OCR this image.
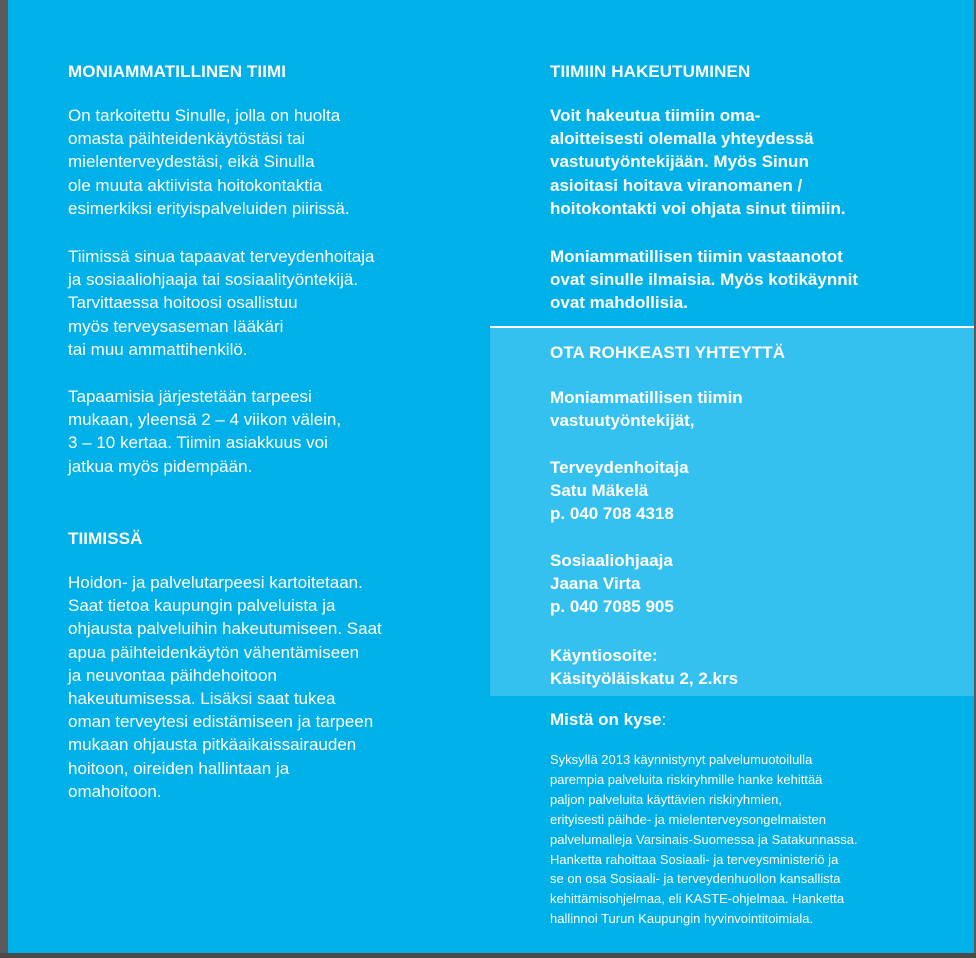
MONIAMMATILLINEN TIIMI
On tarkoitettu Sinulle, jolla on huolta
omasta päihteidenkäytöstäsi tai
mielenterveydestäsi, eikä Sinulla
ole muuta aktiivista hoitokontaktia
esimerkiksi erityispalveluiden piirissä.
Tiimissä sinua tapaavat terveydenhoitaja
ja sosiaaliohjaaja tai sosiaalityöntekijä.
Tarvittaessa hoitoosi osallistuu
myös terveysaseman lääkäri
tai muu ammattihenkilö.
Tapaamisia järjestetään tarpeesi
mukaan, yleensä 2 – 4 viikon välein,
3 – 10 kertaa. Tiimin asiakkuus voi
jatkua myös pidempään.
TIIMISSÄ
Hoidon- ja palvelutarpeesi kartoitetaan.
Saat tietoa kaupungin palveluista ja
ohjausta palveluihin hakeutumiseen. Saat
apua päihteidenkäytön vähentämiseen
ja neuvontaa päihdehoitoon
hakeutumisessa. Lisäksi saat tukea
oman terveytesi edistämiseen ja tarpeen
mukaan ohjausta pitkäaikaissairauden
hoitoon, oireiden hallintaan ja
omahoitoon.
TIIMIIN HAKEUTUMINEN
Voit hakeutua tiimiin oma-
aloitteisesti olemalla yhteydessä
vastuutyöntekijään. Myös Sinun
asioitasi hoitava viranomanen /
hoitokontakti voi ohjata sinut tiimiin.
Moniammatillisen tiimin vastaanotot
ovat sinulle ilmaisia. Myös kotikäynnit
ovat mahdollisia.
OTA ROHKEASTI YHTEYTTÄ
Moniammatillisen tiimin
vastuutyöntekijät,
Terveydenhoitaja
Satu Mäkelä
p. 040 708 4318
Sosiaaliohjaaja
Jaana Virta
p. 040 7085 905
Käyntiosoite:
Käsityöläiskatu 2, 2.krs
Mistä on kyse:
Syksyllä 2013 käynnistynyt palvelumuotoilulla
parempia palveluita riskiryhmille hanke kehittää
paljon palveluita käyttävien riskiryhmien,
erityisesti päihde- ja mielenterveysongelmaisten
palvelumalleja Varsinais-Suomessa ja Satakunnassa.
Hanketta rahoittaa Sosiaali- ja terveysministeriö ja
se on osa Sosiaali- ja terveydenhuollon kansallista
kehittämisohjelmaa, eli KASTE-ohjelmaa. Hanketta
hallinnoi Turun Kaupungin hyvinvointitoimiala.
